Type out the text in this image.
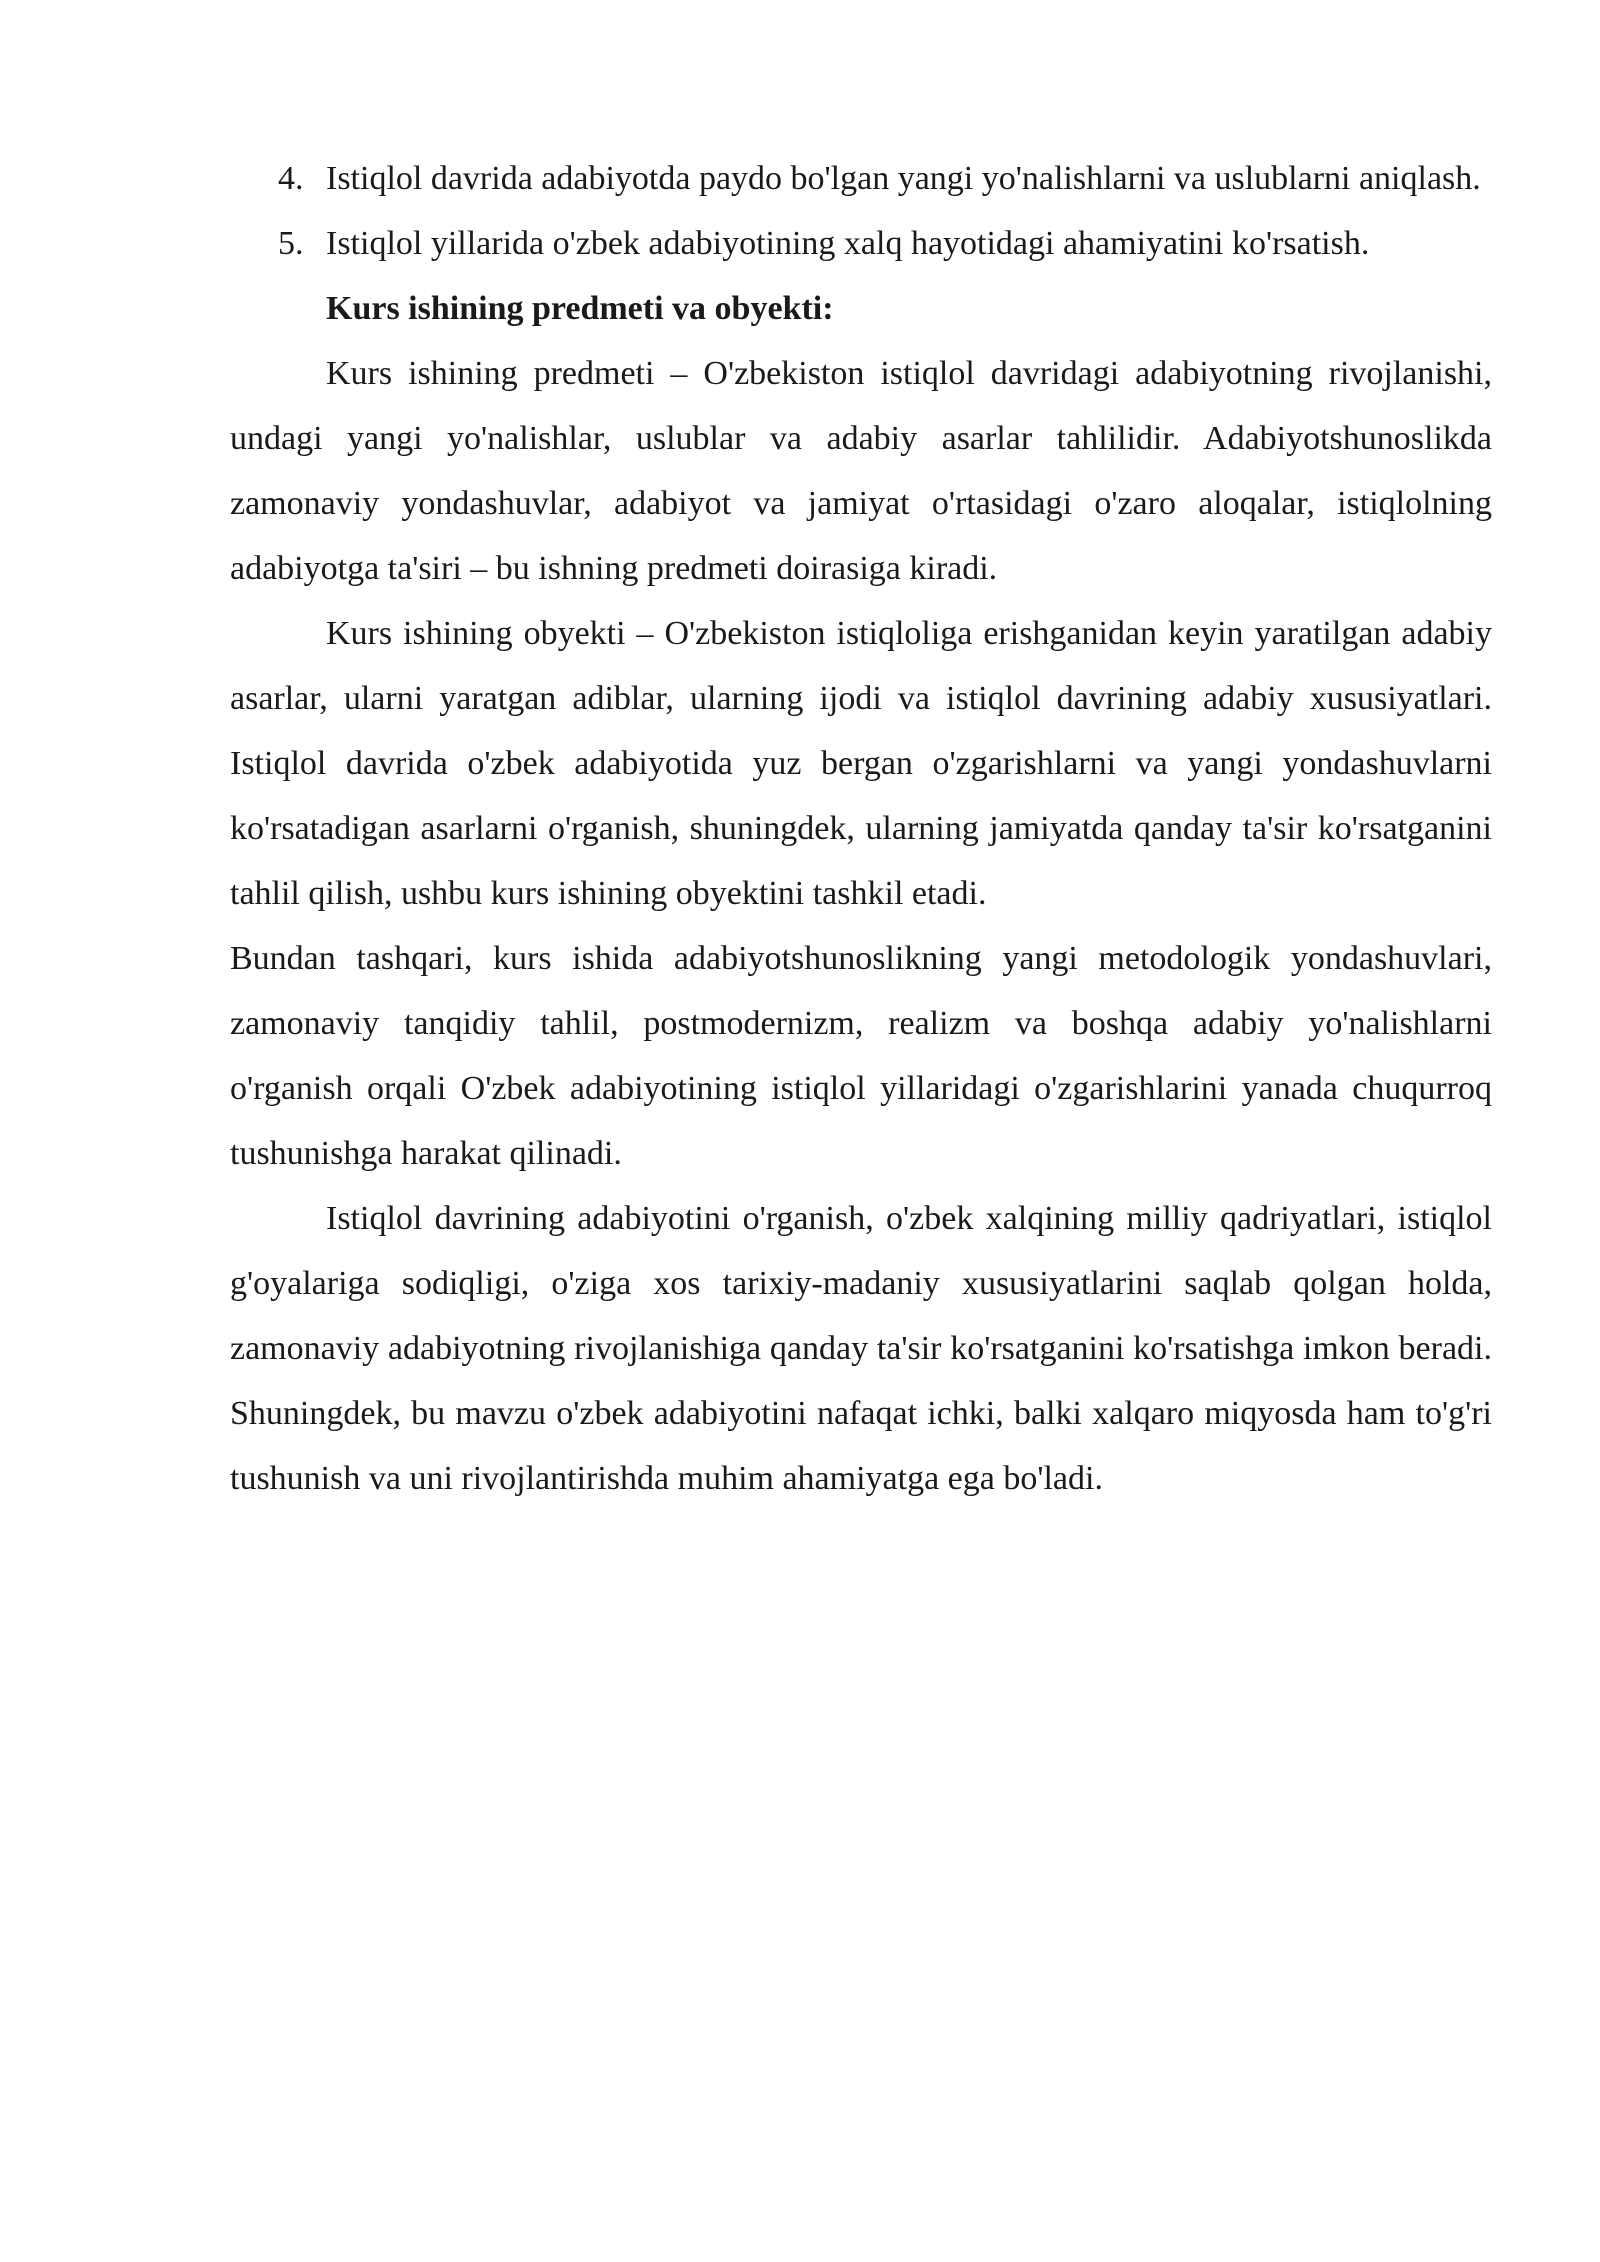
4. Istiqlol davrida adabiyotda paydo bo'lgan yangi yo'nalishlarni va uslublarni aniqlash.
5. Istiqlol yillarida o'zbek adabiyotining xalq hayotidagi ahamiyatini ko'rsatish.
Kurs ishining predmeti va obyekti:

Kurs ishining predmeti – O'zbekiston istiqlol davridagi adabiyotning rivojlanishi, undagi yangi yo'nalishlar, uslublar va adabiy asarlar tahlilidir. Adabiyotshunoslikda zamonaviy yondashuvlar, adabiyot va jamiyat o'rtasidagi o'zaro aloqalar, istiqlolning adabiyotga ta'siri – bu ishning predmeti doirasiga kiradi.

Kurs ishining obyekti – O'zbekiston istiqloliga erishganidan keyin yaratilgan adabiy asarlar, ularni yaratgan adiblar, ularning ijodi va istiqlol davrining adabiy xususiyatlari. Istiqlol davrida o'zbek adabiyotida yuz bergan o'zgarishlarni va yangi yondashuvlarni ko'rsatadigan asarlarni o'rganish, shuningdek, ularning jamiyatda qanday ta'sir ko'rsatganini tahlil qilish, ushbu kurs ishining obyektini tashkil etadi.

Bundan tashqari, kurs ishida adabiyotshunoslikning yangi metodologik yondashuvlari, zamonaviy tanqidiy tahlil, postmodernizm, realizm va boshqa adabiy yo'nalishlarni o'rganish orqali O'zbek adabiyotining istiqlol yillaridagi o'zgarishlarini yanada chuqurroq tushunishga harakat qilinadi.

Istiqlol davrining adabiyotini o'rganish, o'zbek xalqining milliy qadriyatlari, istiqlol g'oyalariga sodiqligi, o'ziga xos tarixiy-madaniy xususiyatlarini saqlab qolgan holda, zamonaviy adabiyotning rivojlanishiga qanday ta'sir ko'rsatganini ko'rsatishga imkon beradi. Shuningdek, bu mavzu o'zbek adabiyotini nafaqat ichki, balki xalqaro miqyosda ham to'g'ri tushunish va uni rivojlantirishda muhim ahamiyatga ega bo'ladi.
